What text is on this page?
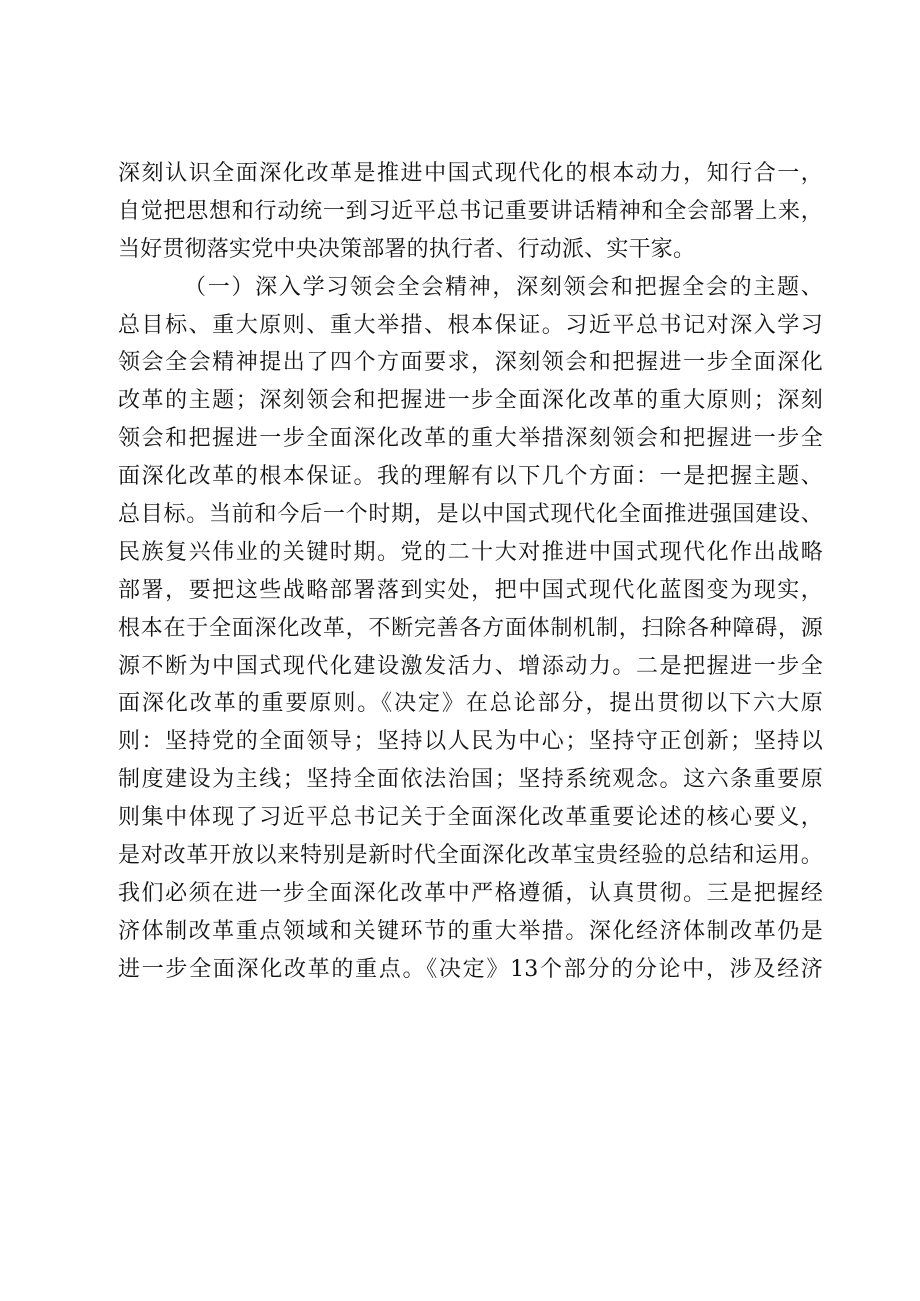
深刻认识全面深化改革是推进中国式现代化的根本动力，知行合一，
自觉把思想和行动统一到习近平总书记重要讲话精神和全会部署上来，
当好贯彻落实党中央决策部署的执行者、行动派、实干家。
（一）深入学习领会全会精神，深刻领会和把握全会的主题、
总目标、重大原则、重大举措、根本保证。习近平总书记对深入学习
领会全会精神提出了四个方面要求，深刻领会和把握进一步全面深化
改革的主题；深刻领会和把握进一步全面深化改革的重大原则；深刻
领会和把握进一步全面深化改革的重大举措深刻领会和把握进一步全
面深化改革的根本保证。我的理解有以下几个方面：一是把握主题、
总目标。当前和今后一个时期，是以中国式现代化全面推进强国建设、
民族复兴伟业的关键时期。党的二十大对推进中国式现代化作出战略
部署，要把这些战略部署落到实处，把中国式现代化蓝图变为现实，
根本在于全面深化改革，不断完善各方面体制机制，扫除各种障碍，源
源不断为中国式现代化建设激发活力、增添动力。二是把握进一步全
面深化改革的重要原则。《决定》在总论部分，提出贯彻以下六大原
则：坚持党的全面领导；坚持以人民为中心；坚持守正创新；坚持以
制度建设为主线；坚持全面依法治国；坚持系统观念。这六条重要原
则集中体现了习近平总书记关于全面深化改革重要论述的核心要义，
是对改革开放以来特别是新时代全面深化改革宝贵经验的总结和运用。
我们必须在进一步全面深化改革中严格遵循，认真贯彻。三是把握经
济体制改革重点领域和关键环节的重大举措。深化经济体制改革仍是
进一步全面深化改革的重点。《决定》13个部分的分论中，涉及经济
